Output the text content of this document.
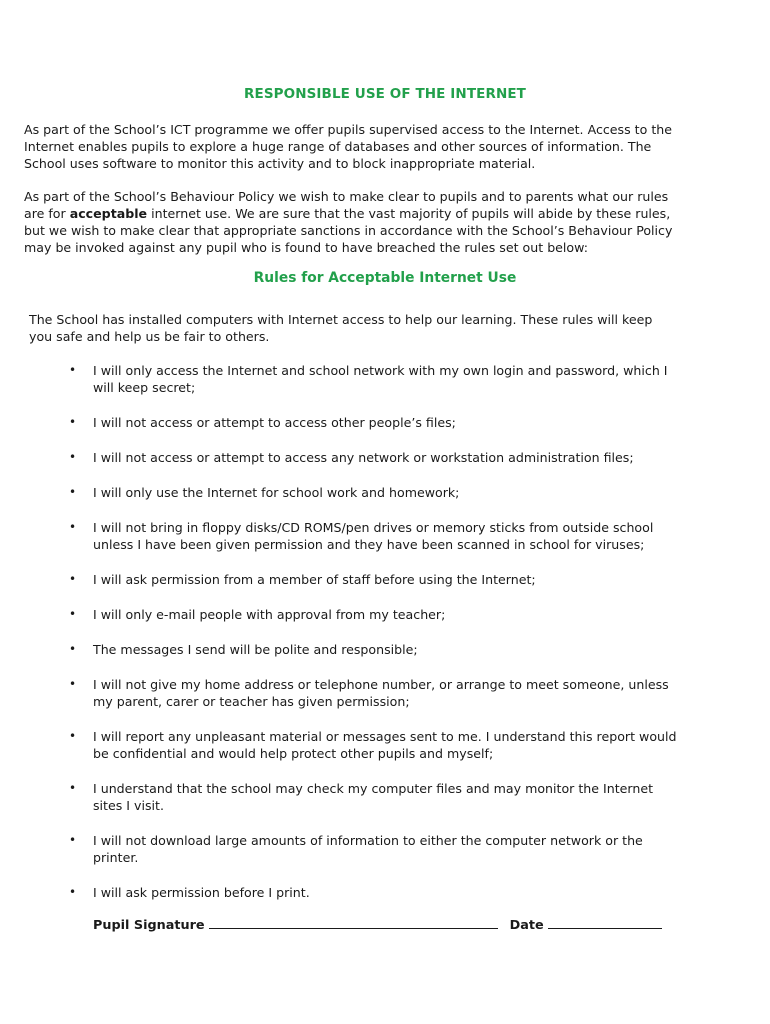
RESPONSIBLE USE OF THE INTERNET
As part of the School’s ICT programme we offer pupils supervised access to the Internet. Access to the Internet enables pupils to explore a huge range of databases and other sources of information. The School uses software to monitor this activity and to block inappropriate material.
As part of the School’s Behaviour Policy we wish to make clear to pupils and to parents what our rules are for acceptable internet use. We are sure that the vast majority of pupils will abide by these rules, but we wish to make clear that appropriate sanctions in accordance with the School’s Behaviour Policy may be invoked against any pupil who is found to have breached the rules set out below:
Rules for Acceptable Internet Use
The School has installed computers with Internet access to help our learning. These rules will keep you safe and help us be fair to others.
• I will only access the Internet and school network with my own login and password, which I will keep secret;
• I will not access or attempt to access other people’s files;
• I will not access or attempt to access any network or workstation administration files;
• I will only use the Internet for school work and homework;
• I will not bring in floppy disks/CD ROMS/pen drives or memory sticks from outside school unless I have been given permission and they have been scanned in school for viruses;
• I will ask permission from a member of staff before using the Internet;
• I will only e-mail people with approval from my teacher;
• The messages I send will be polite and responsible;
• I will not give my home address or telephone number, or arrange to meet someone, unless my parent, carer or teacher has given permission;
• I will report any unpleasant material or messages sent to me. I understand this report would be confidential and would help protect other pupils and myself;
• I understand that the school may check my computer files and may monitor the Internet sites I visit.
• I will not download large amounts of information to either the computer network or the printer.
• I will ask permission before I print.
Pupil Signature	Date
